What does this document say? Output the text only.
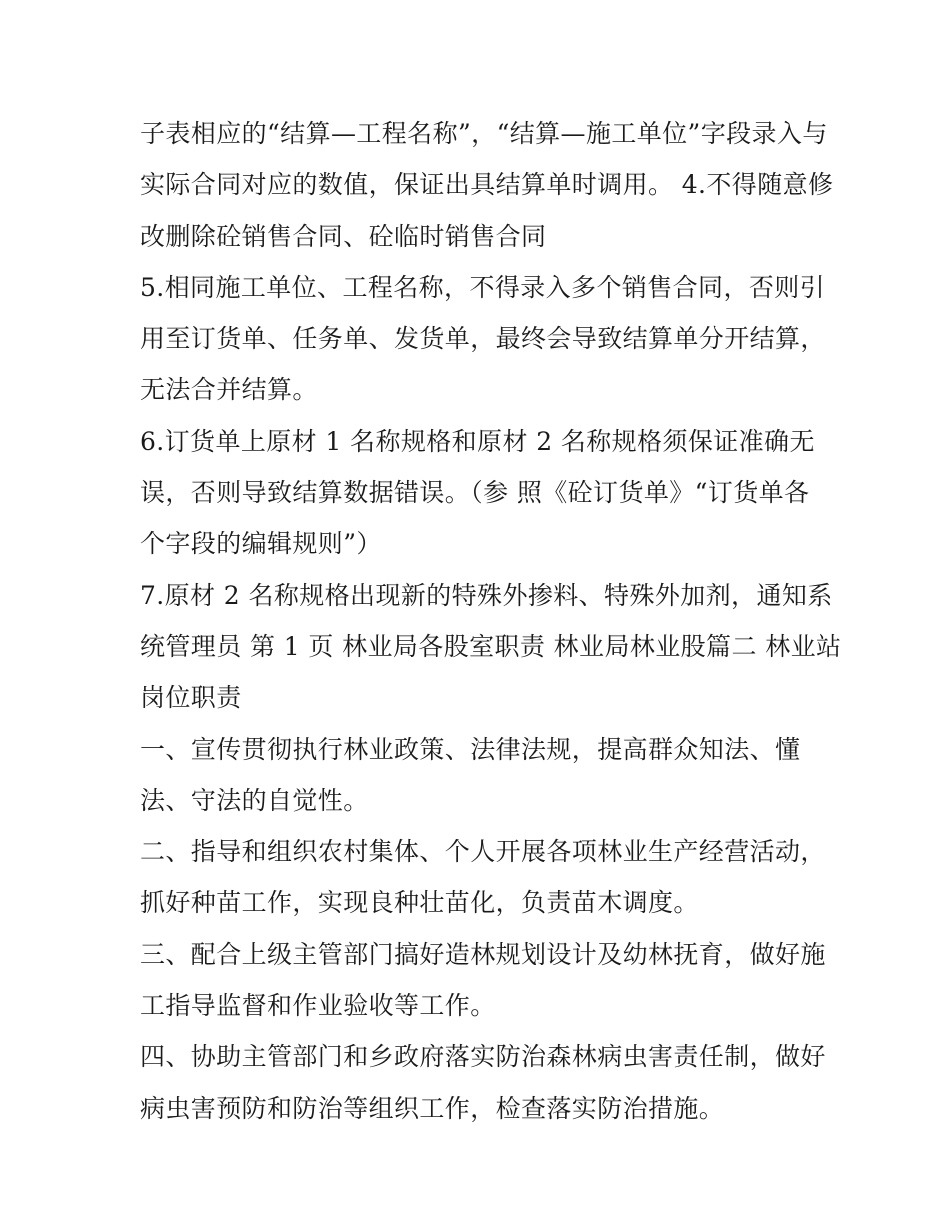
子表相应的“结算—工程名称”，“结算—施工单位”字段录入与
实际合同对应的数值，保证出具结算单时调用。 4.不得随意修
改删除砼销售合同、砼临时销售合同
5.相同施工单位、工程名称，不得录入多个销售合同，否则引
用至订货单、任务单、发货单，最终会导致结算单分开结算，
无法合并结算。
6.订货单上原材 1 名称规格和原材 2 名称规格须保证准确无
误，否则导致结算数据错误。（参 照《砼订货单》“订货单各
个字段的编辑规则”）
7.原材 2 名称规格出现新的特殊外掺料、特殊外加剂，通知系
统管理员 第 1 页 林业局各股室职责 林业局林业股篇二 林业站
岗位职责
一、宣传贯彻执行林业政策、法律法规，提高群众知法、懂
法、守法的自觉性。
二、指导和组织农村集体、个人开展各项林业生产经营活动，
抓好种苗工作，实现良种壮苗化，负责苗木调度。
三、配合上级主管部门搞好造林规划设计及幼林抚育，做好施
工指导监督和作业验收等工作。
四、协助主管部门和乡政府落实防治森林病虫害责任制，做好
病虫害预防和防治等组织工作，检查落实防治措施。
